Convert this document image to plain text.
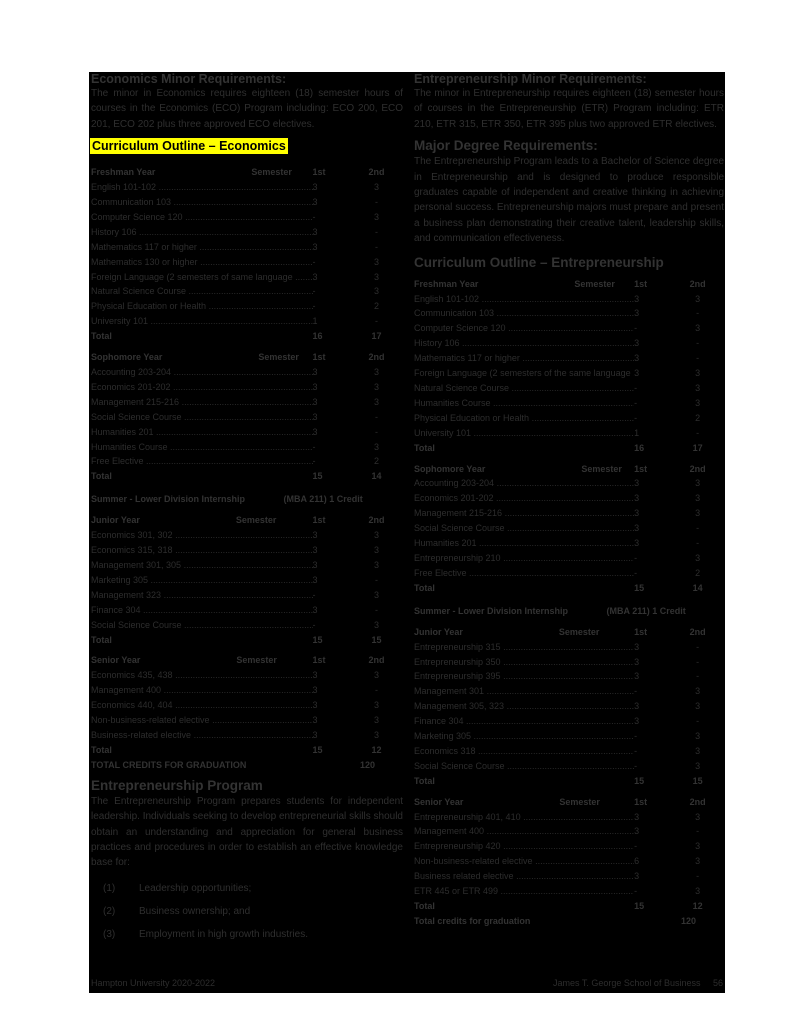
Economics Minor Requirements:
The minor in Economics requires eighteen (18) semester hours of courses in the Economics (ECO) Program including: ECO 200, ECO 201, ECO 202 plus three approved ECO electives.
Curriculum Outline – Economics
Freshman Year Semester	1st	2nd

English 101-102 .....	3	3

Communication 103 .....	3	-

Computer Science 120 .....	-	3

History 106 .....	3	-

Mathematics 117 or higher .....	3	-

Mathematics 130 or higher .....	-	3

Foreign Language (2 semesters of same language .....	3	3

Natural Science Course .....	-	3

Physical Education or Health .....	-	2

University 101 .....	1	-
Total	16	17
Sophomore Year Semester	1st	2nd

Accounting 203-204 .....	3	3

Economics 201-202 .....	3	3

Management 215-216 .....	3	3

Social Science Course .....	3	-

Humanities 201 .....	3	-

Humanities Course .....	-	3

Free Elective .....	-	2
Total	15	14
Summer - Lower Division Internship	(MBA 211) 1 Credit
Junior Year Semester	1st	2nd

Economics 301, 302 .....	3	3

Economics 315, 318 .....	3	3

Management 301, 305 .....	3	3

Marketing 305 .....	3	-

Management 323 .....	-	3

Finance 304 .....	3	-

Social Science Course .....	-	3
Total	15	15
Senior Year Semester	1st	2nd

Economics 435, 438 .....	3	3

Management 400 .....	3	-

Economics 440, 404 .....	3	3

Non-business-related elective .....	3	3

Business-related elective .....	3	3
Total	15	12
TOTAL CREDITS FOR GRADUATION	120
Entrepreneurship Program
The Entrepreneurship Program prepares students for independent leadership. Individuals seeking to develop entrepreneurial skills should obtain an understanding and appreciation for general business practices and procedures in order to establish an effective knowledge base for:
(1)	Leadership opportunities;
(2)	Business ownership; and
(3)	Employment in high growth industries.
Entrepreneurship Minor Requirements:
The minor in Entrepreneurship requires eighteen (18) semester hours of courses in the Entrepreneurship (ETR) Program including: ETR 210, ETR 315, ETR 350, ETR 395 plus two approved ETR electives.
Major Degree Requirements:
The Entrepreneurship Program leads to a Bachelor of Science degree in Entrepreneurship and is designed to produce responsible graduates capable of independent and creative thinking in achieving personal success. Entrepreneurship majors must prepare and present a business plan demonstrating their creative talent, leadership skills, and communication effectiveness.
Curriculum Outline – Entrepreneurship
Freshman Year Semester	1st	2nd

English 101-102 .....	3	3

Communication 103 .....	3	-

Computer Science 120 .....	-	3

History 106 .....	3	-

Mathematics 117 or higher .....	3	-

Foreign Language (2 semesters of the same language .....	3	3

Natural Science Course .....	-	3

Humanities Course .....	-	3

Physical Education or Health .....	-	2

University 101 .....	1	-
Total	16	17
Sophomore Year Semester	1st	2nd

Accounting 203-204 .....	3	3

Economics 201-202 .....	3	3

Management 215-216 .....	3	3

Social Science Course .....	3	-

Humanities 201 .....	3	-

Entrepreneurship 210 .....	-	3

Free Elective .....	-	2
Total	15	14
Summer - Lower Division Internship	(MBA 211) 1 Credit
Junior Year Semester	1st	2nd

Entrepreneurship 315 .....	3	-

Entrepreneurship 350 .....	3	-

Entrepreneurship 395 .....	3	-

Management 301 .....	-	3

Management 305, 323 .....	3	3

Finance 304 .....	3	-

Marketing 305 .....	-	3

Economics 318 .....	-	3

Social Science Course .....	-	3
Total	15	15
Senior Year Semester	1st	2nd

Entrepreneurship 401, 410 .....	3	3

Management 400 .....	3	-

Entrepreneurship 420 .....	-	3

Non-business-related elective .....	6	3

Business related elective .....	3	-

ETR 445 or ETR 499 .....	-	3
Total	15	12
Total credits for graduation	120
Hampton University 2020-2022	James T. George School of Business 56
